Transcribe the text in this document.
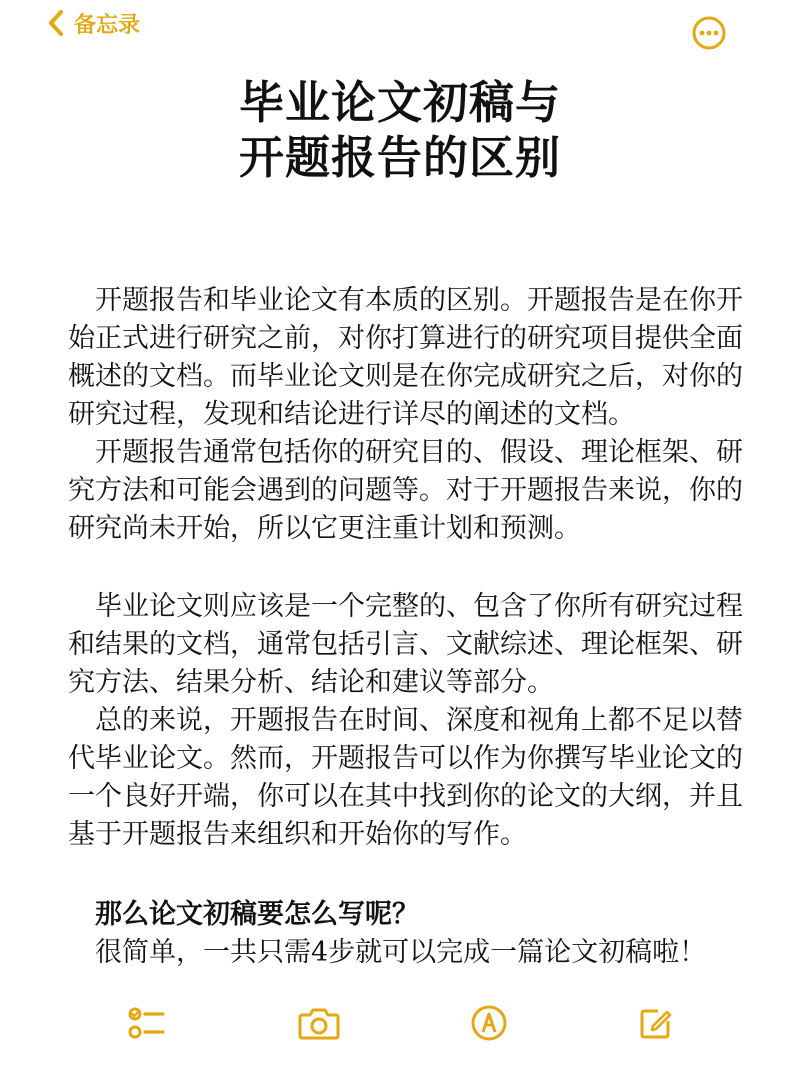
备忘录
毕业论文初稿与
开题报告的区别
开题报告和毕业论文有本质的区别。开题报告是在你开
始正式进行研究之前，对你打算进行的研究项目提供全面
概述的文档。而毕业论文则是在你完成研究之后，对你的
研究过程，发现和结论进行详尽的阐述的文档。
开题报告通常包括你的研究目的、假设、理论框架、研
究方法和可能会遇到的问题等。对于开题报告来说，你的
研究尚未开始，所以它更注重计划和预测。
毕业论文则应该是一个完整的、包含了你所有研究过程
和结果的文档，通常包括引言、文献综述、理论框架、研
究方法、结果分析、结论和建议等部分。
总的来说，开题报告在时间、深度和视角上都不足以替
代毕业论文。然而，开题报告可以作为你撰写毕业论文的
一个良好开端，你可以在其中找到你的论文的大纲，并且
基于开题报告来组织和开始你的写作。
那么论文初稿要怎么写呢？
很简单，一共只需4步就可以完成一篇论文初稿啦！
